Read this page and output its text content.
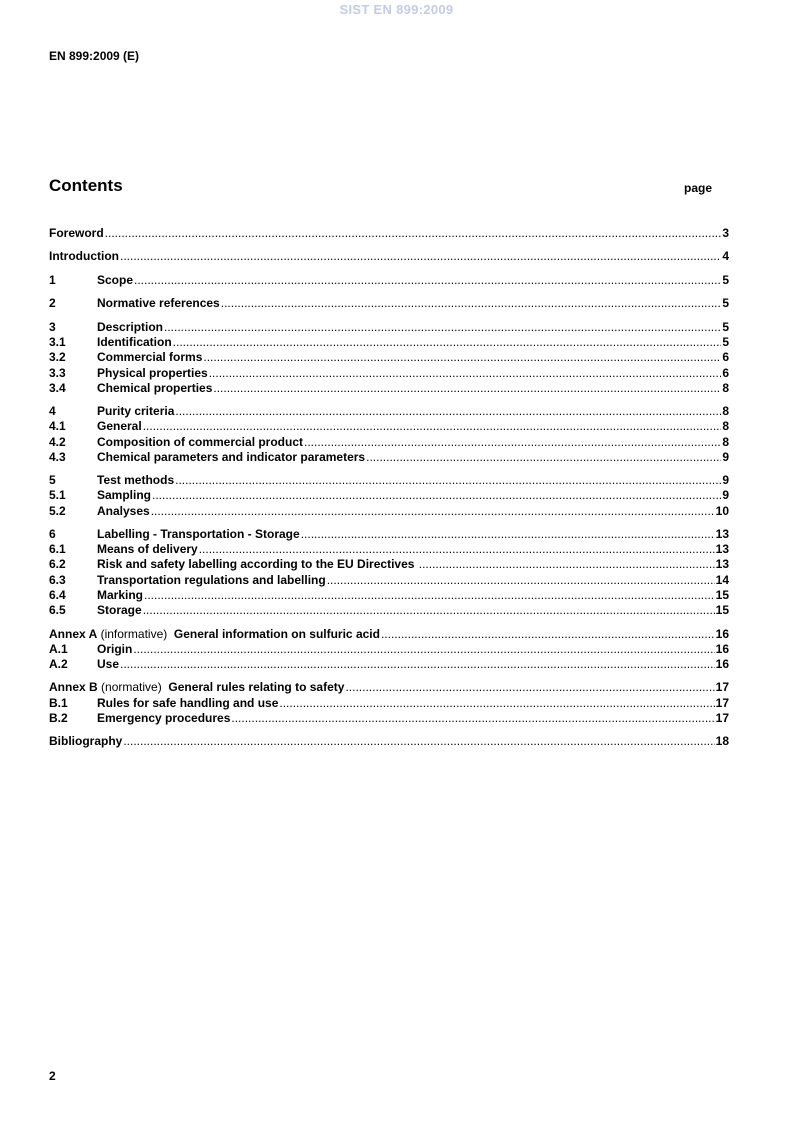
SIST EN 899:2009
EN 899:2009 (E)
Contents	page
Foreword .....	3
Introduction .....	4
1	Scope .....	5
2	Normative references .....	5
3	Description .....	5
3.1	Identification .....	5
3.2	Commercial forms .....	6
3.3	Physical properties .....	6
3.4	Chemical properties .....	8
4	Purity criteria .....	8
4.1	General .....	8
4.2	Composition of commercial product .....	8
4.3	Chemical parameters and indicator parameters .....	9
5	Test methods .....	9
5.1	Sampling .....	9
5.2	Analyses .....	10
6	Labelling - Transportation - Storage .....	13
6.1	Means of delivery .....	13
6.2	Risk and safety labelling according to the EU Directives .....	13
6.3	Transportation regulations and labelling .....	14
6.4	Marking .....	15
6.5	Storage .....	15
Annex A (informative)  General information on sulfuric acid .....	16
A.1	Origin .....	16
A.2	Use .....	16
Annex B (normative)  General rules relating to safety .....	17
B.1	Rules for safe handling and use .....	17
B.2	Emergency procedures .....	17
Bibliography .....	18
2
